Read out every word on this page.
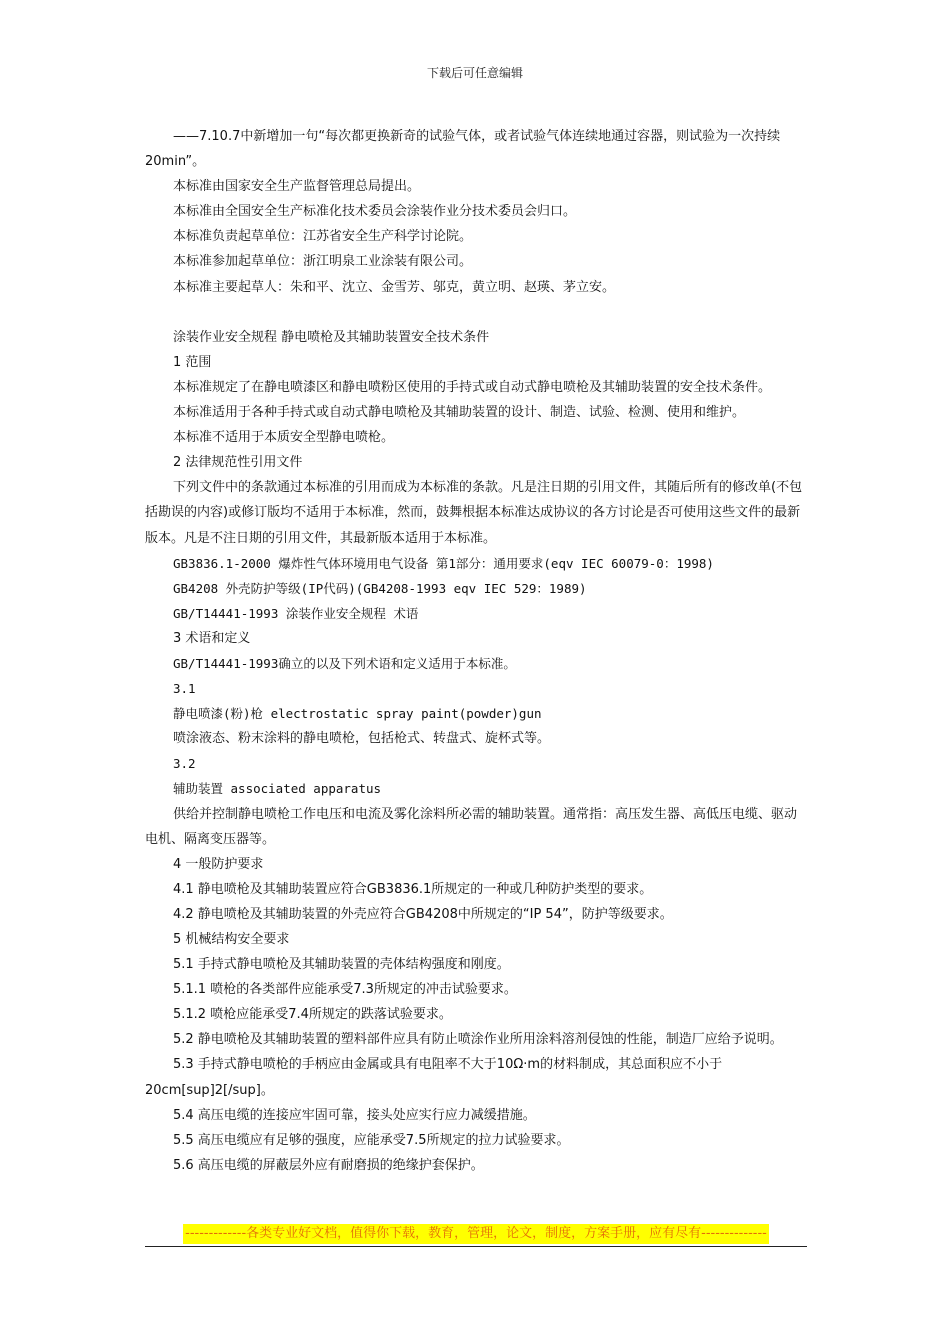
下载后可任意编辑

——7.10.7中新增加一句“每次都更换新奇的试验气体，或者试验气体连续地通过容器，则试验为一次持续20min”。

本标准由国家安全生产监督管理总局提出。

本标准由全国安全生产标准化技术委员会涂装作业分技术委员会归口。

本标准负责起草单位：江苏省安全生产科学讨论院。

本标准参加起草单位：浙江明泉工业涂装有限公司。

本标准主要起草人：朱和平、沈立、金雪芳、邬克，黄立明、赵瑛、茅立安。

涂装作业安全规程 静电喷枪及其辅助装置安全技术条件

1 范围

本标准规定了在静电喷漆区和静电喷粉区使用的手持式或自动式静电喷枪及其辅助装置的安全技术条件。

本标准适用于各种手持式或自动式静电喷枪及其辅助装置的设计、制造、试验、检测、使用和维护。

本标准不适用于本质安全型静电喷枪。

2 法律规范性引用文件

下列文件中的条款通过本标准的引用而成为本标准的条款。凡是注日期的引用文件，其随后所有的修改单(不包括勘误的内容)或修订版均不适用于本标准，然而，鼓舞根据本标准达成协议的各方讨论是否可使用这些文件的最新版本。凡是不注日期的引用文件，其最新版本适用于本标准。

GB3836.1-2000 爆炸性气体环境用电气设备 第1部分：通用要求(eqv IEC 60079-0：1998)

GB4208 外壳防护等级(IP代码)(GB4208-1993 eqv IEC 529：1989)

GB/T14441-1993 涂装作业安全规程 术语

3 术语和定义

GB/T14441-1993确立的以及下列术语和定义适用于本标准。

3.1

静电喷漆(粉)枪 electrostatic spray paint(powder)gun

喷涂液态、粉末涂料的静电喷枪，包括枪式、转盘式、旋杯式等。

3.2

辅助装置 associated apparatus

供给并控制静电喷枪工作电压和电流及雾化涂料所必需的辅助装置。通常指：高压发生器、高低压电缆、驱动电机、隔离变压器等。

4 一般防护要求

4.1 静电喷枪及其辅助装置应符合GB3836.1所规定的一种或几种防护类型的要求。

4.2 静电喷枪及其辅助装置的外壳应符合GB4208中所规定的“IP 54”，防护等级要求。

5 机械结构安全要求

5.1 手持式静电喷枪及其辅助装置的壳体结构强度和刚度。

5.1.1 喷枪的各类部件应能承受7.3所规定的冲击试验要求。

5.1.2 喷枪应能承受7.4所规定的跌落试验要求。

5.2 静电喷枪及其辅助装置的塑料部件应具有防止喷涂作业所用涂料溶剂侵蚀的性能，制造厂应给予说明。

5.3 手持式静电喷枪的手柄应由金属或具有电阻率不大于10Ω·m的材料制成，其总面积应不小于20cm[sup]2[/sup]。

5.4 高压电缆的连接应牢固可靠，接头处应实行应力减缓措施。

5.5 高压电缆应有足够的强度，应能承受7.5所规定的拉力试验要求。

5.6 高压电缆的屏蔽层外应有耐磨损的绝缘护套保护。

-------------各类专业好文档，值得你下载，教育，管理，论文，制度，方案手册，应有尽有--------------
